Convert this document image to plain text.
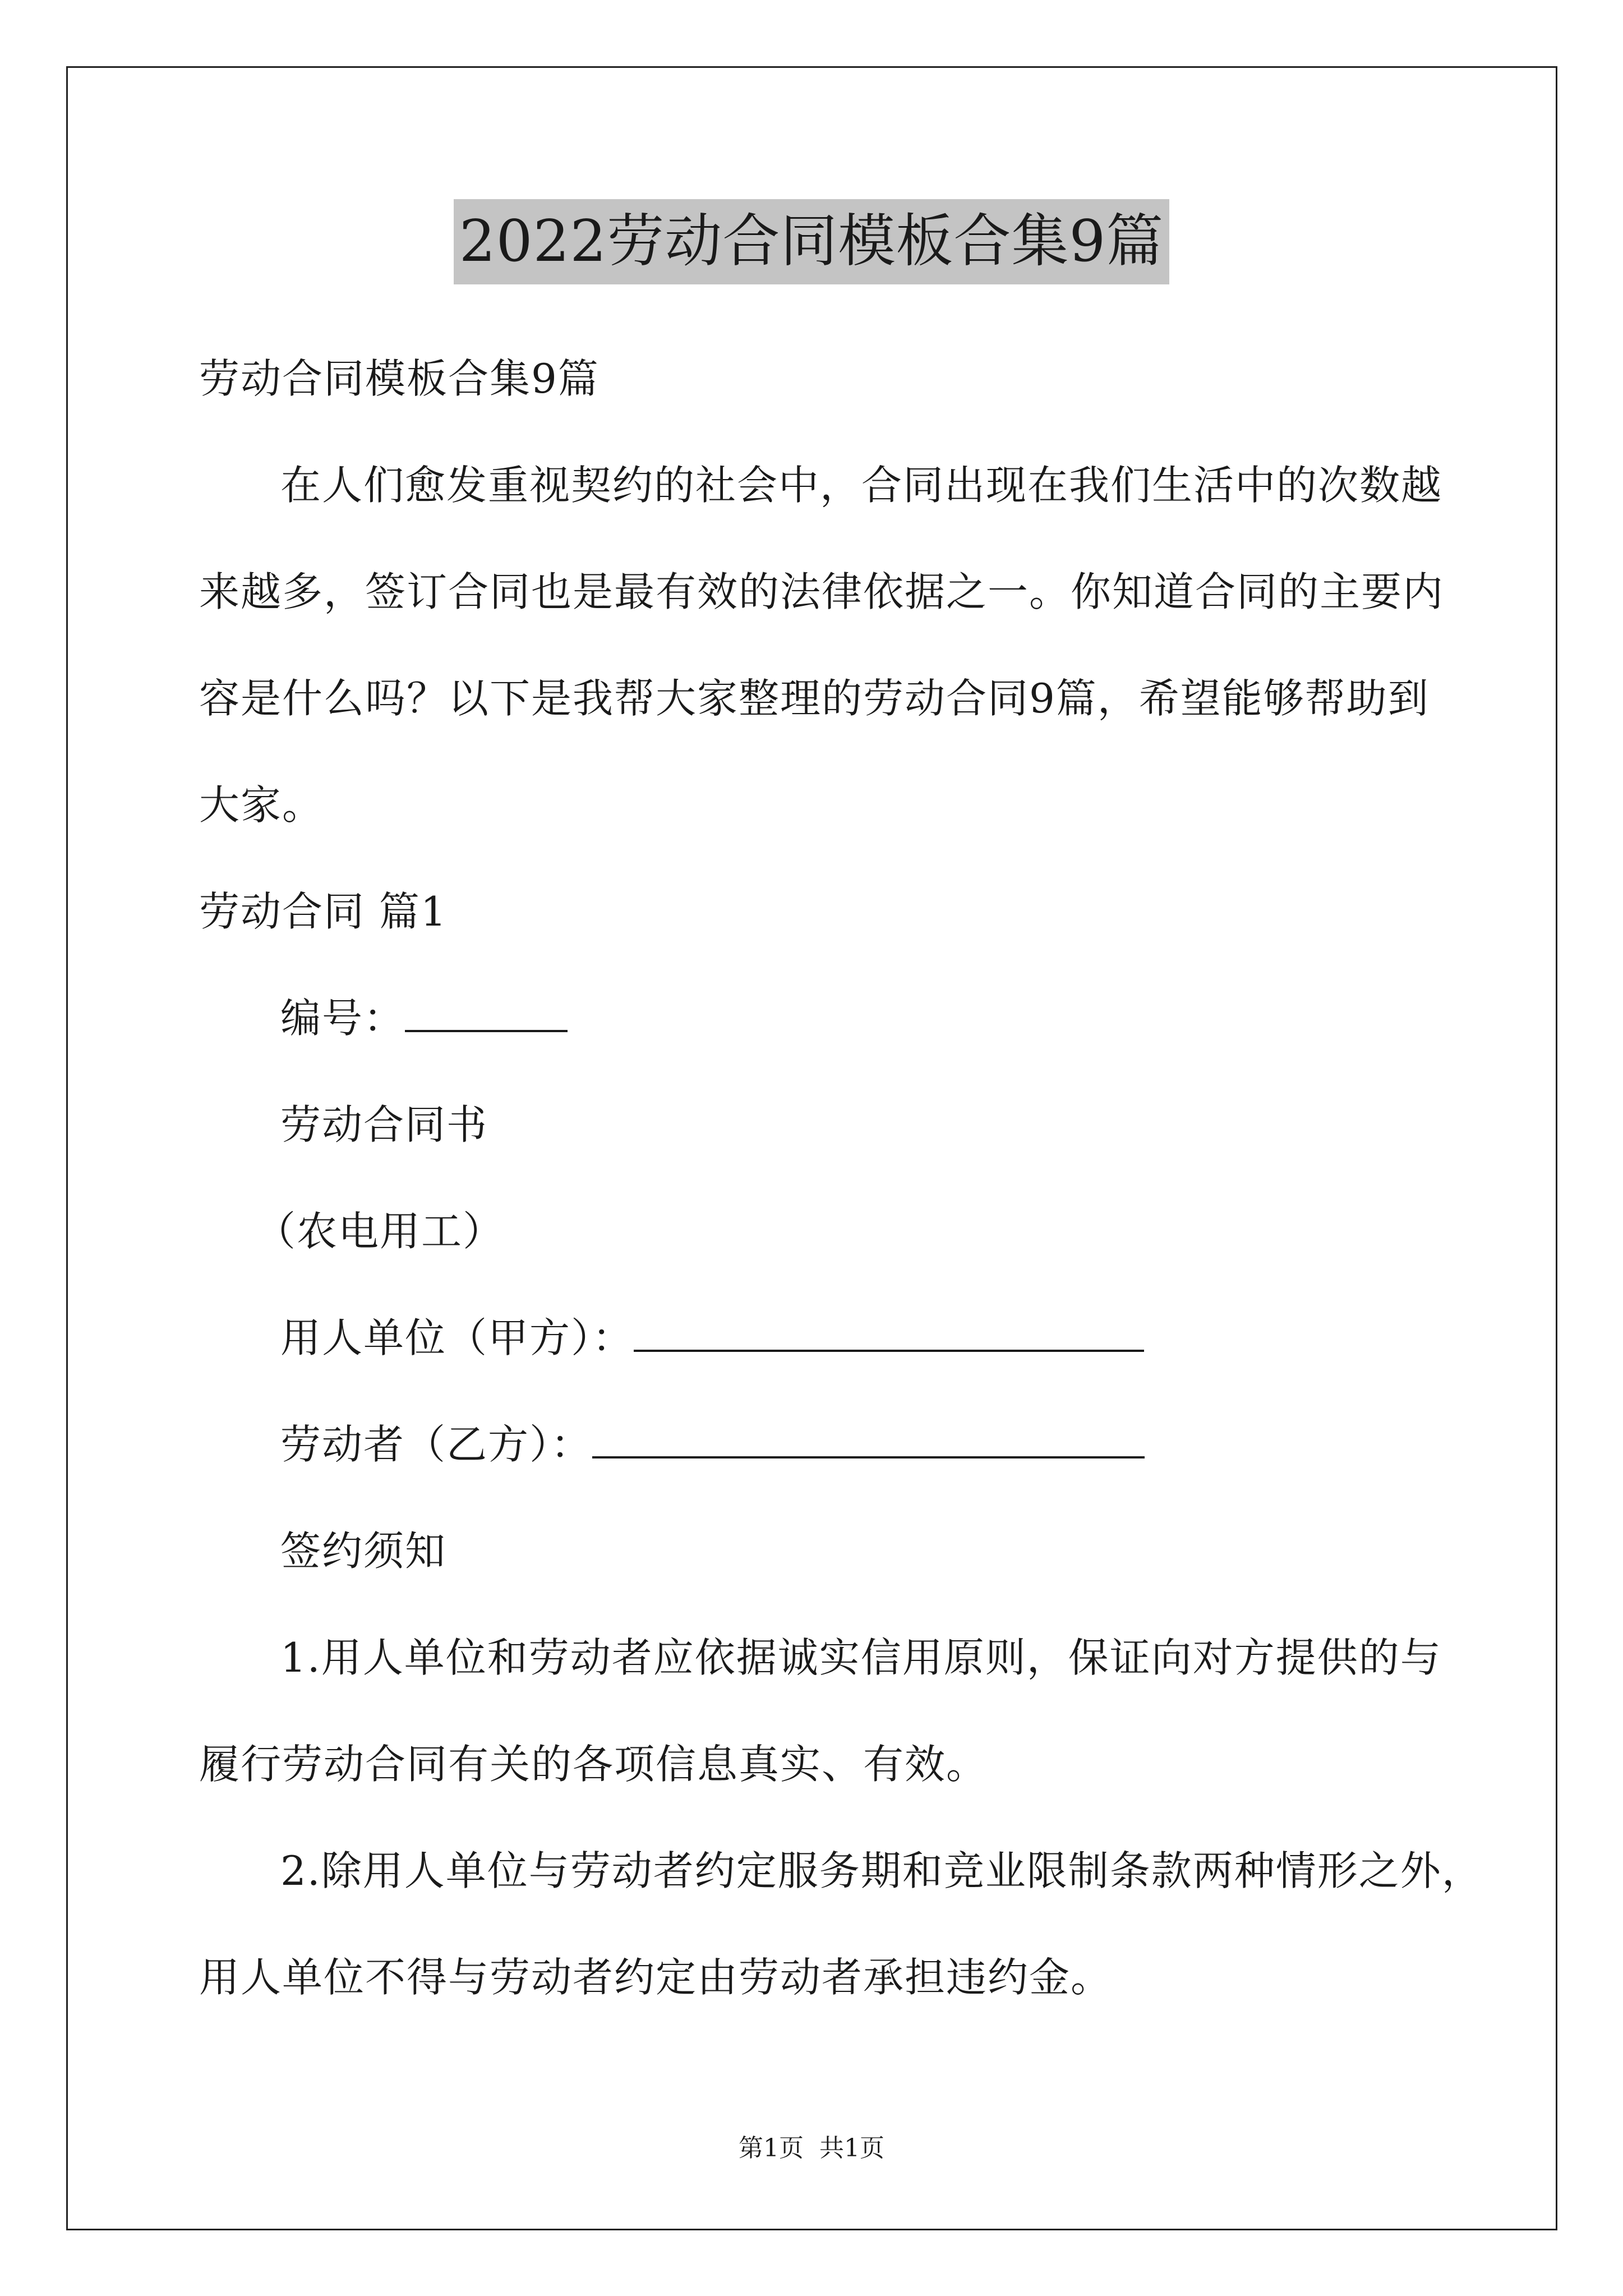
2022劳动合同模板合集9篇
劳动合同模板合集9篇
在人们愈发重视契约的社会中，合同出现在我们生活中的次数越
来越多，签订合同也是最有效的法律依据之一。你知道合同的主要内
容是什么吗？以下是我帮大家整理的劳动合同9篇，希望能够帮助到
大家。
劳动合同 篇1
编号：
劳动合同书
（农电用工）
用人单位（甲方）：
劳动者（乙方）：
签约须知
1.用人单位和劳动者应依据诚实信用原则，保证向对方提供的与
履行劳动合同有关的各项信息真实、有效。
2.除用人单位与劳动者约定服务期和竞业限制条款两种情形之外，
用人单位不得与劳动者约定由劳动者承担违约金。
第1页 共1页
